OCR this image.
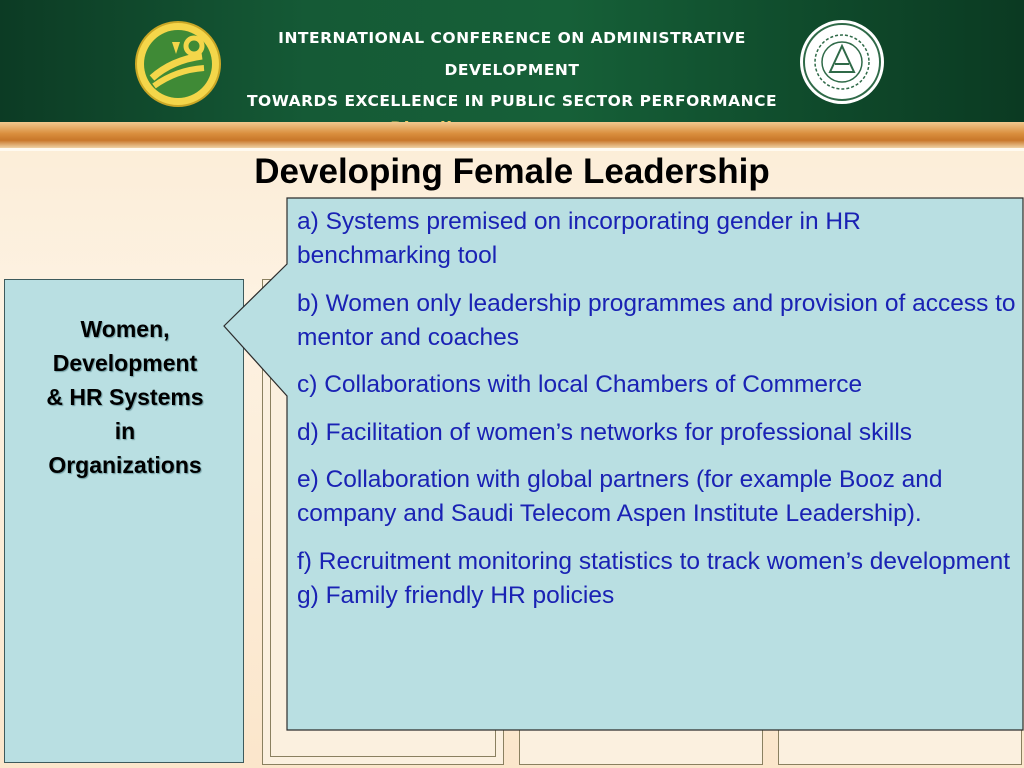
INTERNATIONAL CONFERENCE ON ADMINISTRATIVE DEVELOPMENT
TOWARDS EXCELLENCE IN PUBLIC SECTOR PERFORMANCE
Developing Female Leadership
Women,
Development
& HR Systems
in
Organizations

a) Systems premised on incorporating gender in HR benchmarking tool

b) Women only leadership programmes and provision of access to mentor and coaches

c) Collaborations with local Chambers of Commerce

d) Facilitation of women’s networks for professional skills

e) Collaboration with global partners (for example Booz and company and Saudi Telecom Aspen Institute Leadership).

f) Recruitment monitoring statistics to track women’s development

g) Family friendly HR policies
